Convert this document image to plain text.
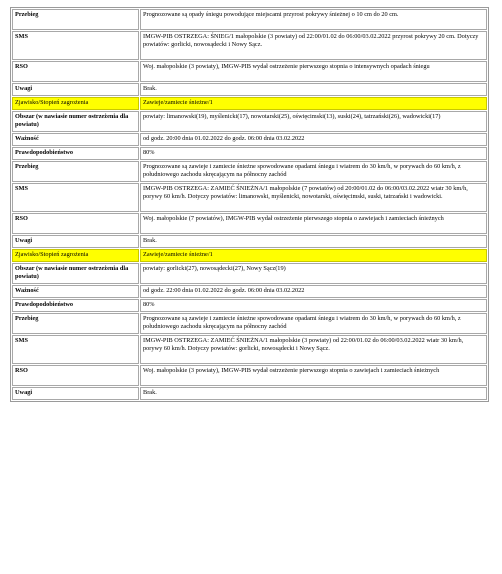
Przebieg	Prognozowane są opady śniegu powodujące miejscami przyrost pokrywy śnieżnej o 10 cm do 20 cm.
SMS	IMGW-PIB OSTRZEGA: ŚNIEG/1 małopolskie (3 powiaty) od 22:00/01.02 do 06:00/03.02.2022 przyrost pokrywy 20 cm. Dotyczy powiatów: gorlicki, nowosądecki i Nowy Sącz.
RSO	Woj. małopolskie (3 powiaty), IMGW-PIB wydał ostrzeżenie pierwszego stopnia o intensywnych opadach śniegu
Uwagi	Brak.
Zjawisko/Stopień zagrożenia	Zawieje/zamiecie śnieżne/1
Obszar (w nawiasie numer ostrzeżenia dla powiatu)	powiaty: limanowski(19), myślenicki(17), nowotarski(25), oświęcimski(13), suski(24), tatrzański(26), wadowicki(17)
Ważność	od godz. 20:00 dnia 01.02.2022 do godz. 06:00 dnia 03.02.2022
Prawdopodobieństwo	80%
Przebieg	Prognozowane są zawieje i zamiecie śnieżne spowodowane opadami śniegu i wiatrem do 30 km/h, w porywach do 60 km/h, z południowego zachodu skręcającym na północny zachód
SMS	IMGW-PIB OSTRZEGA: ZAMIEĆ ŚNIEŻNA/1 małopolskie (7 powiatów) od 20:00/01.02 do 06:00/03.02.2022 wiatr 30 km/h, porywy 60 km/h. Dotyczy powiatów: limanowski, myślenicki, nowotarski, oświęcimski, suski, tatrzański i wadowicki.
RSO	Woj. małopolskie (7 powiatów), IMGW-PIB wydał ostrzeżenie pierwszego stopnia o zawiejach i zamieciach śnieżnych
Uwagi	Brak.
Zjawisko/Stopień zagrożenia	Zawieje/zamiecie śnieżne/1
Obszar (w nawiasie numer ostrzeżenia dla powiatu)	powiaty: gorlicki(27), nowosądecki(27), Nowy Sącz(19)
Ważność	od godz. 22:00 dnia 01.02.2022 do godz. 06:00 dnia 03.02.2022
Prawdopodobieństwo	80%
Przebieg	Prognozowane są zawieje i zamiecie śnieżne spowodowane opadami śniegu i wiatrem do 30 km/h, w porywach do 60 km/h, z południowego zachodu skręcającym na północny zachód
SMS	IMGW-PIB OSTRZEGA: ZAMIEĆ ŚNIEŻNA/1 małopolskie (3 powiaty) od 22:00/01.02 do 06:00/03.02.2022 wiatr 30 km/h, porywy 60 km/h. Dotyczy powiatów: gorlicki, nowosądecki i Nowy Sącz.
RSO	Woj. małopolskie (3 powiaty), IMGW-PIB wydał ostrzeżenie pierwszego stopnia o zawiejach i zamieciach śnieżnych
Uwagi	Brak.
